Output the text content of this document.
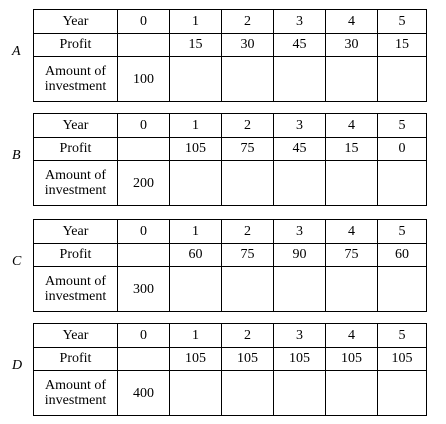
A
Year	0	1	2	3	4	5
Profit		15	30	45	30	15
Amount of
investment	100					
B
Year	0	1	2	3	4	5
Profit		105	75	45	15	0
Amount of
investment	200					
C
Year	0	1	2	3	4	5
Profit		60	75	90	75	60
Amount of
investment	300					
D
Year	0	1	2	3	4	5
Profit		105	105	105	105	105
Amount of
investment	400					
